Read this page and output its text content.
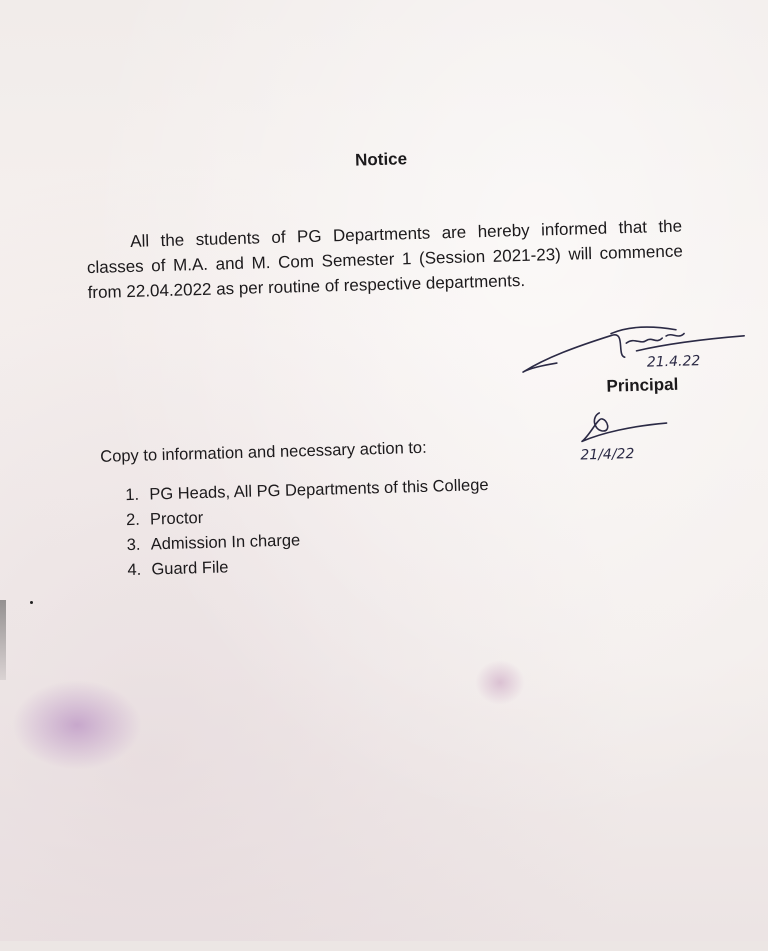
Notice
All the students of PG Departments are hereby informed that the
classes of M.A. and M. Com Semester 1 (Session 2021-23) will commence
from 22.04.2022 as per routine of respective departments.
21.4.22
Principal
21/4/22
Copy to information and necessary action to:
1. PG Heads, All PG Departments of this College
2. Proctor
3. Admission In charge
4. Guard File
